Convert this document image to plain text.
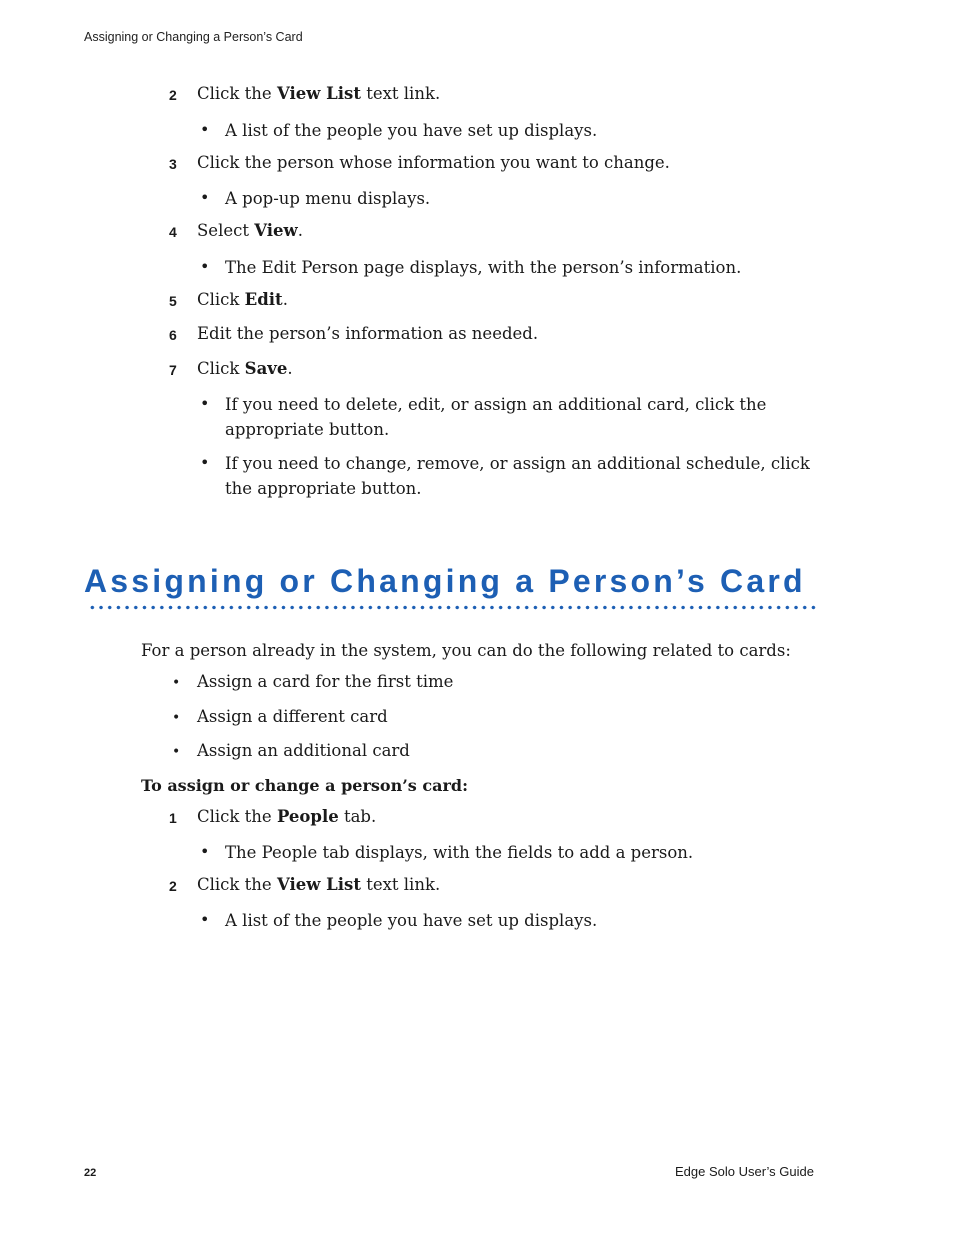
Assigning or Changing a Person’s Card
2 Click the View List text link.
• A list of the people you have set up displays.
3 Click the person whose information you want to change.
• A pop-up menu displays.
4 Select View.
• The Edit Person page displays, with the person’s information.
5 Click Edit.
6 Edit the person’s information as needed.
7 Click Save.
• If you need to delete, edit, or assign an additional card, click the appropriate button.
• If you need to change, remove, or assign an additional schedule, click the appropriate button.
Assigning or Changing a Person’s Card
For a person already in the system, you can do the following related to cards:
• Assign a card for the first time
• Assign a different card
• Assign an additional card
To assign or change a person’s card:
1 Click the People tab.
• The People tab displays, with the fields to add a person.
2 Click the View List text link.
• A list of the people you have set up displays.
22	Edge Solo User’s Guide
